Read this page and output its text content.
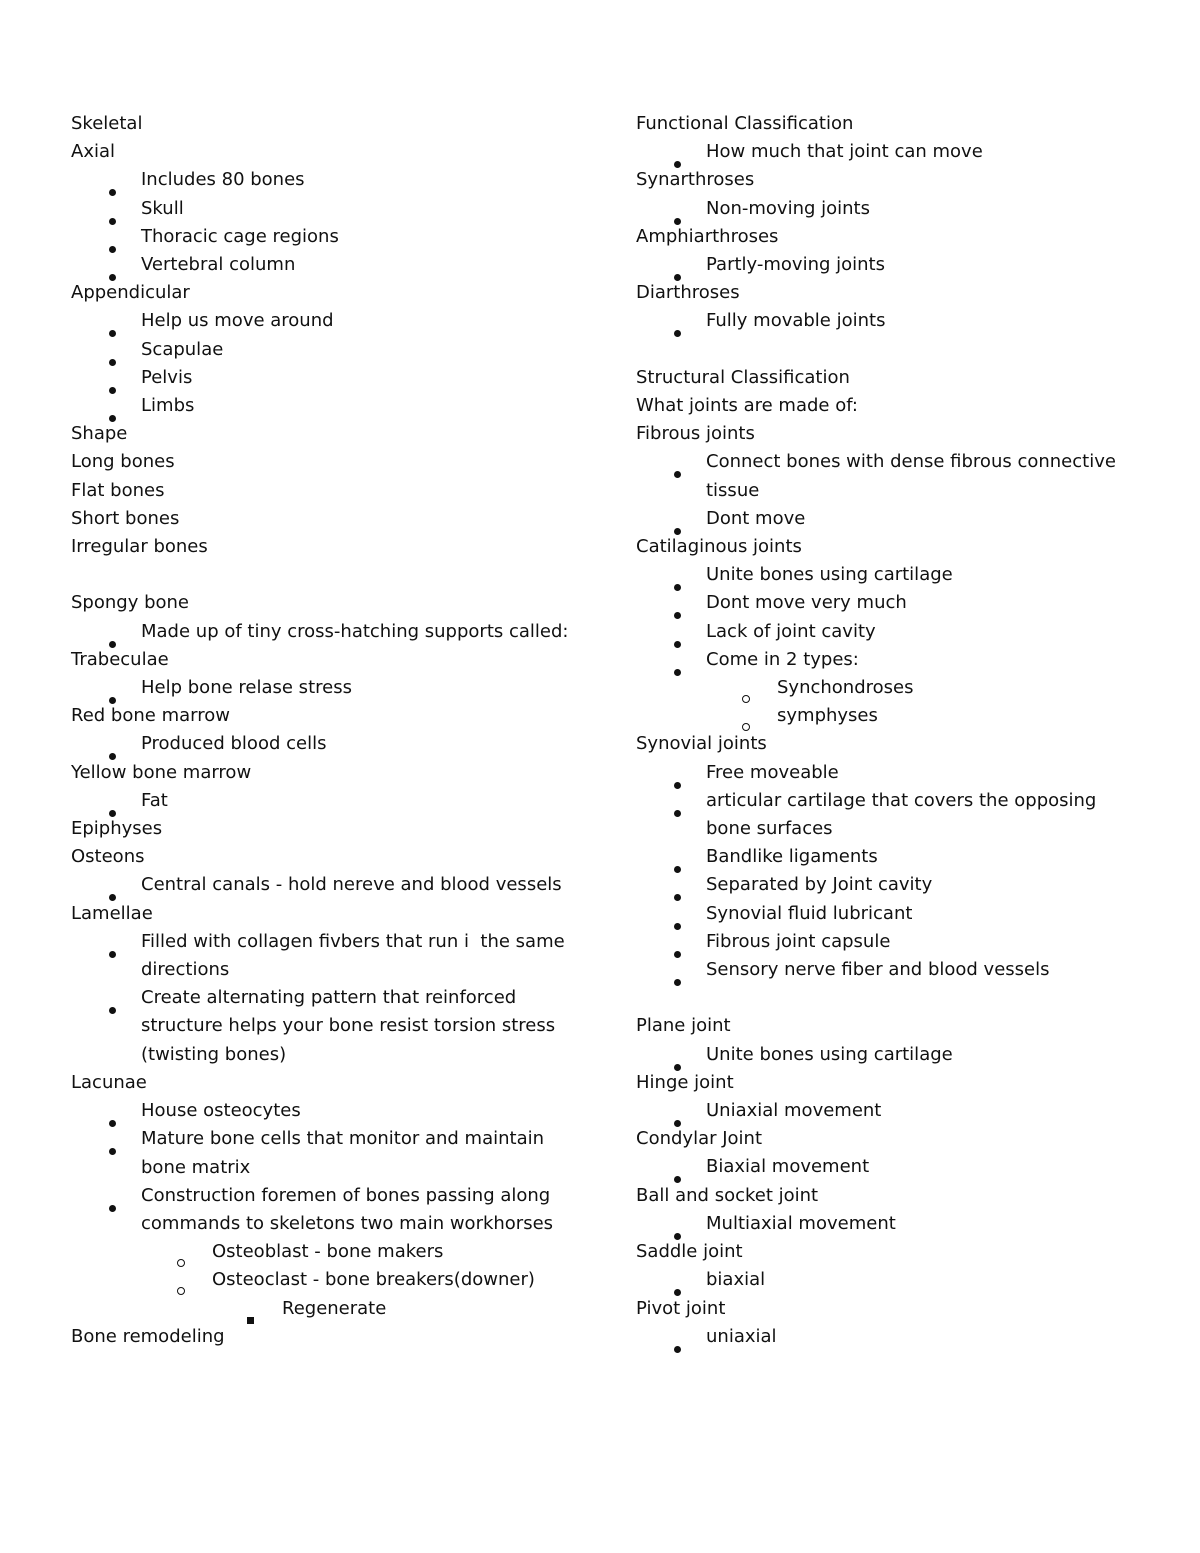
Skeletal
Axial
Includes 80 bones
Skull
Thoracic cage regions
Vertebral column
Appendicular
Help us move around
Scapulae
Pelvis
Limbs
Shape
Long bones
Flat bones
Short bones
Irregular bones
Spongy bone
Made up of tiny cross-hatching supports called:
Trabeculae
Help bone relase stress
Red bone marrow
Produced blood cells
Yellow bone marrow
Fat
Epiphyses
Osteons
Central canals - hold nereve and blood vessels
Lamellae
Filled with collagen fivbers that run i  the same directions
Create alternating pattern that reinforced structure helps your bone resist torsion stress (twisting bones)
Lacunae
House osteocytes
Mature bone cells that monitor and maintain bone matrix
Construction foremen of bones passing along commands to skeletons two main workhorses
Osteoblast - bone makers
Osteoclast - bone breakers(downer)
Regenerate
Bone remodeling
Functional Classification
How much that joint can move
Synarthroses
Non-moving joints
Amphiarthroses
Partly-moving joints
Diarthroses
Fully movable joints
Structural Classification
What joints are made of:
Fibrous joints
Connect bones with dense fibrous connective tissue
Dont move
Catilaginous joints
Unite bones using cartilage
Dont move very much
Lack of joint cavity
Come in 2 types:
Synchondroses
symphyses
Synovial joints
Free moveable
articular cartilage that covers the opposing bone surfaces
Bandlike ligaments
Separated by Joint cavity
Synovial fluid lubricant
Fibrous joint capsule
Sensory nerve fiber and blood vessels
Plane joint
Unite bones using cartilage
Hinge joint
Uniaxial movement
Condylar Joint
Biaxial movement
Ball and socket joint
Multiaxial movement
Saddle joint
biaxial
Pivot joint
uniaxial
